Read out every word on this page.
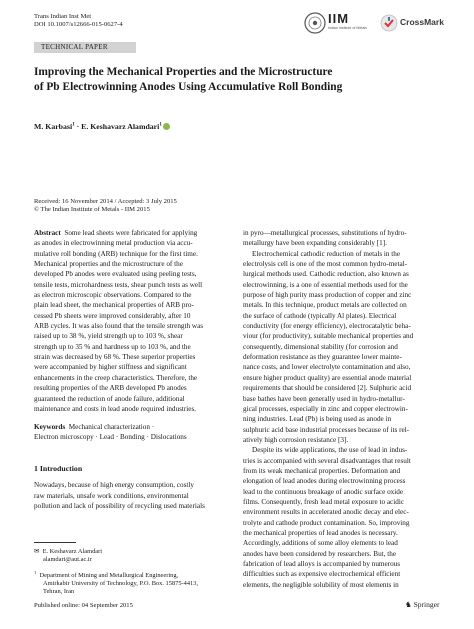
Trans Indian Inst Met
DOI 10.1007/s12666-015-0627-4	IIM
Indian Institute of Metals
CrossMark
TECHNICAL PAPER
Improving the Mechanical Properties and the Microstructure
of Pb Electrowinning Anodes Using Accumulative Roll Bonding
M. Karbasi$^1$ · E. Keshavarz Alamdari$^1$
Received: 16 November 2014 / Accepted: 3 July 2015
© The Indian Institute of Metals - IIM 2015
Abstract Some lead sheets were fabricated for applying
as anodes in electrowinning metal production via accu-
mulative roll bonding (ARB) technique for the first time.
Mechanical properties and the microstructure of the
developed Pb anodes were evaluated using peeling tests,
tensile tests, microhardness tests, shear punch tests as well
as electron microscopic observations. Compared to the
plain lead sheet, the mechanical properties of ARB pro-
cessed Pb sheets were improved considerably, after 10
ARB cycles. It was also found that the tensile strength was
raised up to 38 %, yield strength up to 103 %, shear
strength up to 35 % and hardness up to 103 %, and the
strain was decreased by 68 %. These superior properties
were accompanied by higher stiffness and significant
enhancements in the creep characteristics. Therefore, the
resulting properties of the ARB developed Pb anodes
guaranteed the reduction of anode failure, additional
maintenance and costs in lead anode required industries.
Keywords Mechanical characterization ·
Electron microscopy · Lead · Bonding · Dislocations
1 Introduction
Nowadays, because of high energy consumption, costly
raw materials, unsafe work conditions, environmental
pollution and lack of possibility of recycling used materials
✉ E. Keshavarz Alamdari
alamdari@aut.ac.ir
$^1$ Department of Mining and Metallurgical Engineering,
Amirkabir University of Technology, P.O. Box. 15875-4413,
Tehran, Iran
in pyro—metallurgical processes, substitutions of hydro-
metallurgy have been expanding considerably [1].
Electrochemical cathodic reduction of metals in the
electrolysis cell is one of the most common hydro-metal-
lurgical methods used. Cathodic reduction, also known as
electrowinning, is a one of essential methods used for the
purpose of high purity mass production of copper and zinc
metals. In this technique, product metals are collected on
the surface of cathode (typically Al plates). Electrical
conductivity (for energy efficiency), electrocatalytic beha-
viour (for productivity), suitable mechanical properties and
consequently, dimensional stability (for corrosion and
deformation resistance as they guarantee lower mainte-
nance costs, and lower electrolyte contamination and also,
ensure higher product quality) are essential anode material
requirements that should be considered [2]. Sulphuric acid
base bathes have been generally used in hydro-metallur-
gical processes, especially in zinc and copper electrowin-
ning industries. Lead (Pb) is being used as anode in
sulphuric acid base industrial processes because of its rel-
atively high corrosion resistance [3].
Despite its wide applications, the use of lead in indus-
tries is accompanied with several disadvantages that result
from its weak mechanical properties. Deformation and
elongation of lead anodes during electrowinning process
lead to the continuous breakage of anodic surface oxide
films. Consequently, fresh lead metal exposure to acidic
environment results in accelerated anodic decay and elec-
trolyte and cathode product contamination. So, improving
the mechanical properties of lead anodes is necessary.
Accordingly, additions of some alloy elements to lead
anodes have been considered by researchers. But, the
fabrication of lead alloys is accompanied by numerous
difficulties such as expensive electrochemical efficient
elements, the negligible solubility of most elements in
Published online: 04 September 2015	♞ Springer
